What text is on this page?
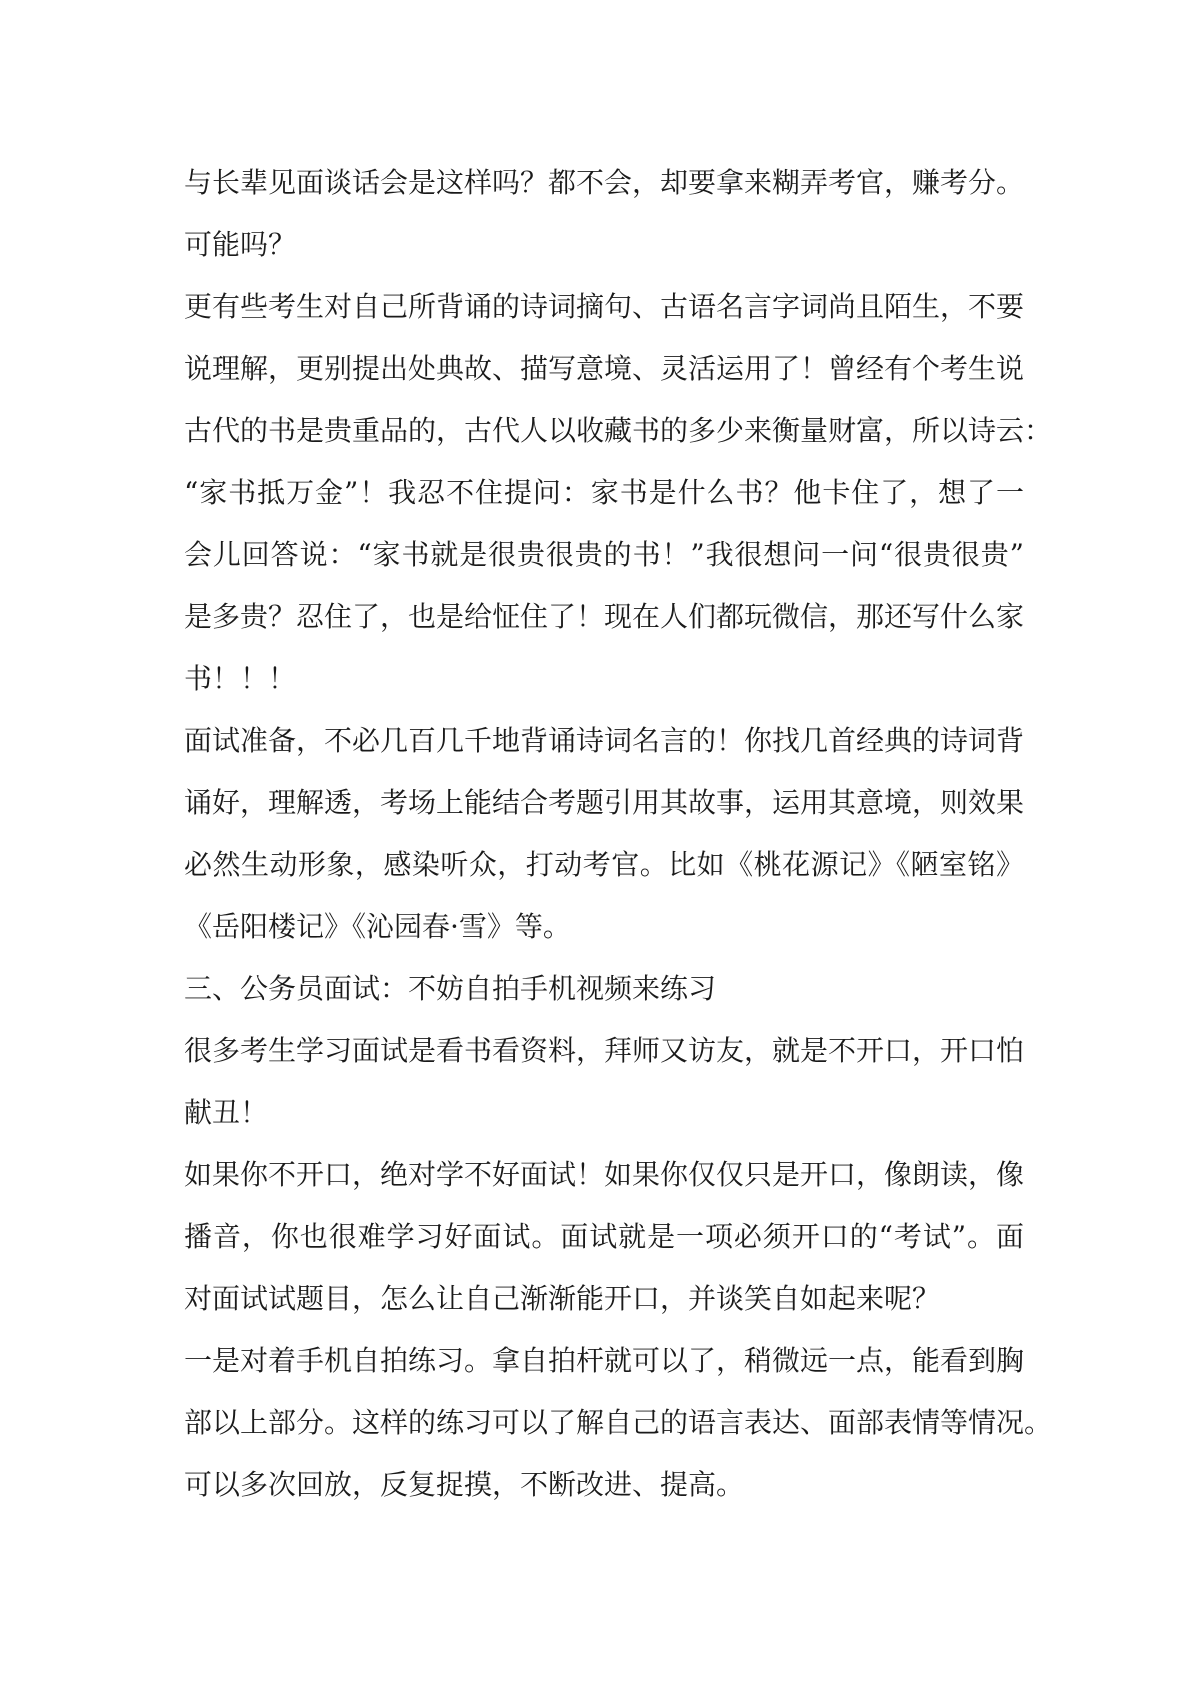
与长辈见面谈话会是这样吗？都不会，却要拿来糊弄考官，赚考分。

可能吗？

更有些考生对自己所背诵的诗词摘句、古语名言字词尚且陌生，不要

说理解，更别提出处典故、描写意境、灵活运用了！曾经有个考生说

古代的书是贵重品的，古代人以收藏书的多少来衡量财富，所以诗云：

“家书抵万金”！我忍不住提问：家书是什么书？他卡住了，想了一

会儿回答说：“家书就是很贵很贵的书！”我很想问一问“很贵很贵”

是多贵？忍住了，也是给怔住了！现在人们都玩微信，那还写什么家

书！！！

面试准备，不必几百几千地背诵诗词名言的！你找几首经典的诗词背

诵好，理解透，考场上能结合考题引用其故事，运用其意境，则效果

必然生动形象，感染听众，打动考官。比如《桃花源记》《陋室铭》

《岳阳楼记》《沁园春·雪》等。

三、公务员面试：不妨自拍手机视频来练习

很多考生学习面试是看书看资料，拜师又访友，就是不开口，开口怕

献丑！

如果你不开口，绝对学不好面试！如果你仅仅只是开口，像朗读，像

播音，你也很难学习好面试。面试就是一项必须开口的“考试”。面

对面试试题目，怎么让自己渐渐能开口，并谈笑自如起来呢？

一是对着手机自拍练习。拿自拍杆就可以了，稍微远一点，能看到胸

部以上部分。这样的练习可以了解自己的语言表达、面部表情等情况。

可以多次回放，反复捉摸，不断改进、提高。
